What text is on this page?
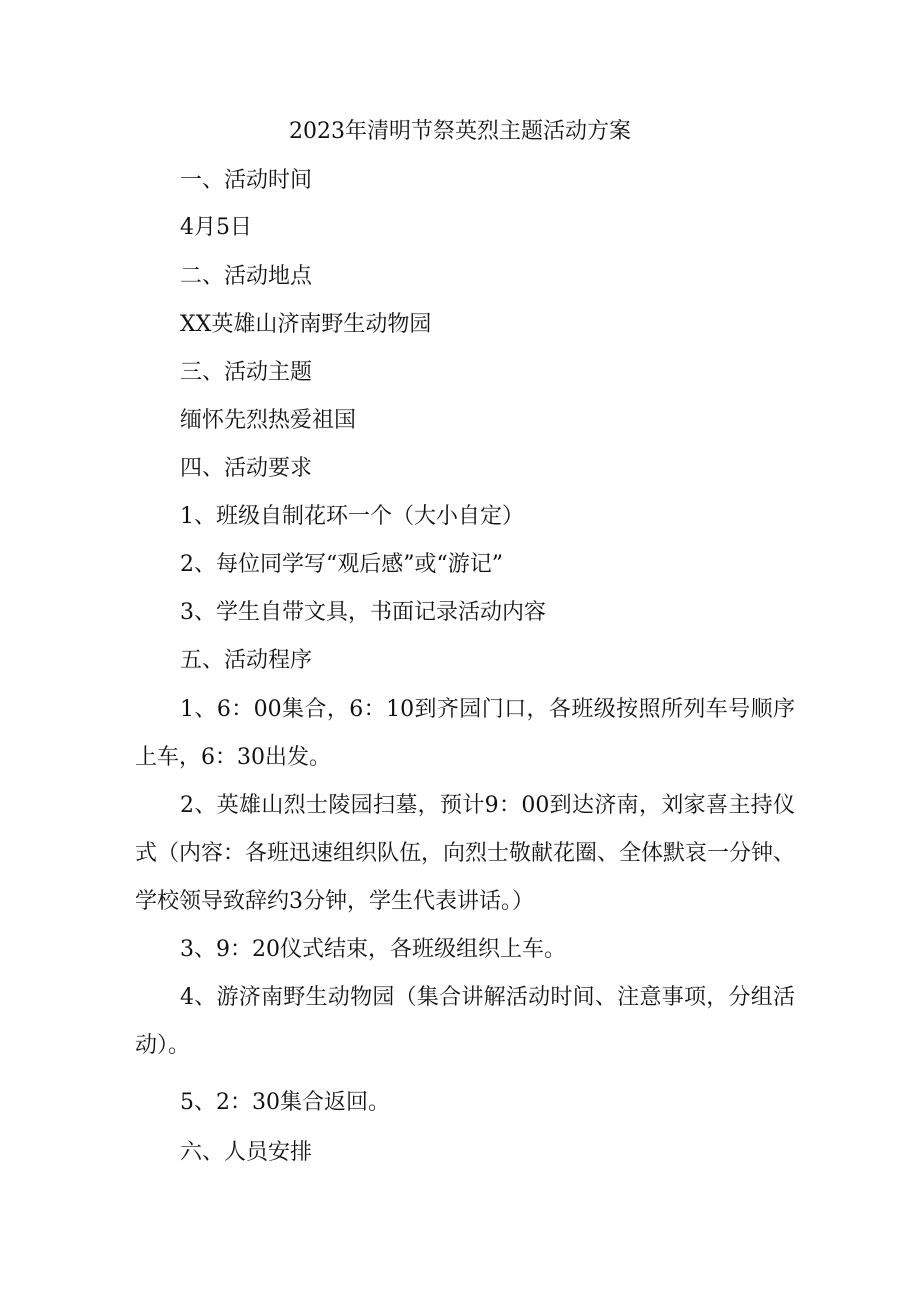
2023年清明节祭英烈主题活动方案
一、活动时间
4月5日
二、活动地点
XX英雄山济南野生动物园
三、活动主题
缅怀先烈热爱祖国
四、活动要求
1、班级自制花环一个（大小自定）
2、每位同学写“观后感”或“游记”
3、学生自带文具，书面记录活动内容
五、活动程序
1、6：00集合，6：10到齐园门口，各班级按照所列车号顺序上车，6：30出发。
2、英雄山烈士陵园扫墓，预计9：00到达济南，刘家喜主持仪式（内容：各班迅速组织队伍，向烈士敬献花圈、全体默哀一分钟、学校领导致辞约3分钟，学生代表讲话。）
3、9：20仪式结束，各班级组织上车。
4、游济南野生动物园（集合讲解活动时间、注意事项，分组活动）。
5、2：30集合返回。
六、人员安排
